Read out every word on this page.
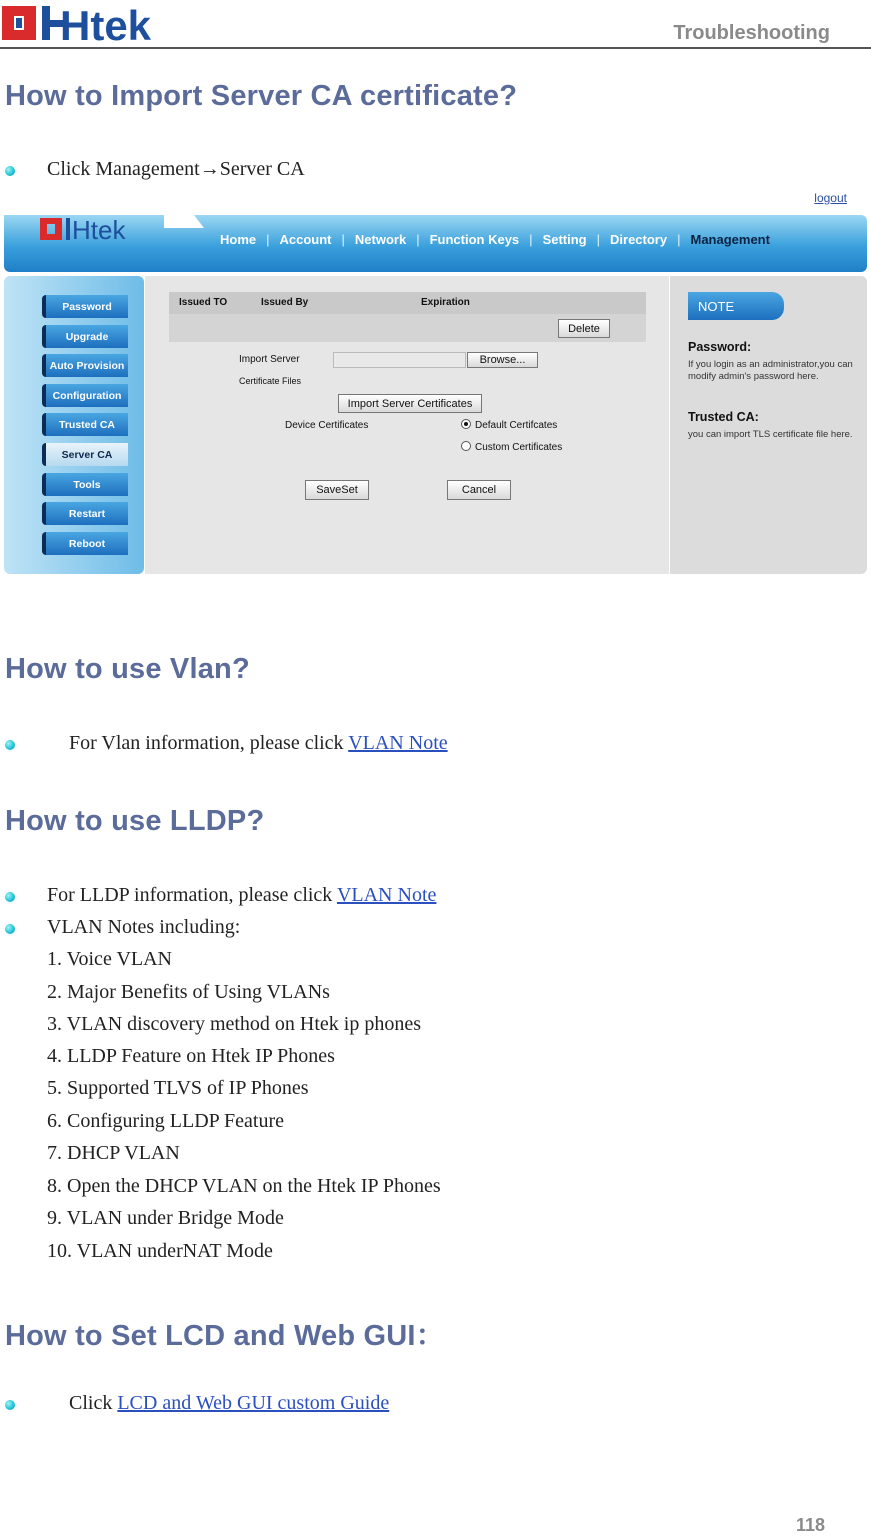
Htek	Troubleshooting
How to Import Server CA certificate?
Click Management→Server CA
logout
Htek	Home | Account | Network | Function Keys | Setting | Directory | Management
Password
Upgrade
Auto Provision
Configuration
Trusted CA
Server CA
Tools
Restart
Reboot
Issued TO	Issued By	Expiration
Delete
Import Server
Certificate Files
Browse...
Import Server Certificates
Device Certificates	Default Certifcates
Custom Certificates
SaveSet	Cancel
NOTE
Password:
If you login as an administrator,you can modify admin's password here.
Trusted CA:
you can import TLS certificate file here.
How to use Vlan?
For Vlan information, please click VLAN Note
How to use LLDP?
For LLDP information, please click VLAN Note
VLAN Notes including:
1. Voice VLAN
2. Major Benefits of Using VLANs
3. VLAN discovery method on Htek ip phones
4. LLDP Feature on Htek IP Phones
5. Supported TLVS of IP Phones
6. Configuring LLDP Feature
7. DHCP VLAN
8. Open the DHCP VLAN on the Htek IP Phones
9. VLAN under Bridge Mode
10. VLAN underNAT Mode
How to Set LCD and Web GUI：
Click LCD and Web GUI custom Guide
118
